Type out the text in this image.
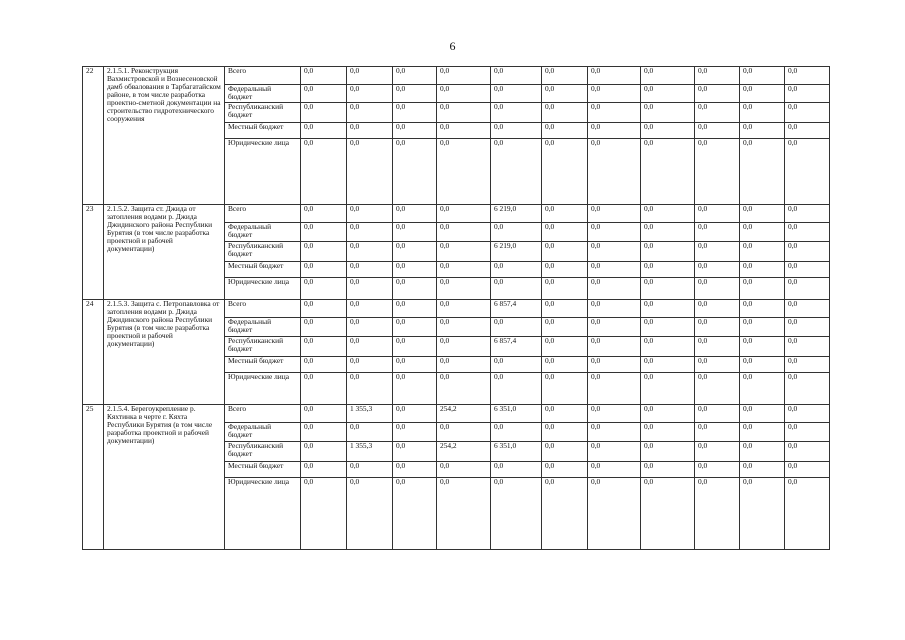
6
22	2.1.5.1. Реконструкция Вахмистровской и Вознесеновской дамб обвалования в Тарбагатайском районе, в том числе разработка проектно-сметной документации на строительство гидротехнического сооружения	Всего	0,0	0,0	0,0	0,0	0,0	0,0	0,0	0,0	0,0	0,0	0,0
		Федеральный бюджет	0,0	0,0	0,0	0,0	0,0	0,0	0,0	0,0	0,0	0,0	0,0
		Республиканский бюджет	0,0	0,0	0,0	0,0	0,0	0,0	0,0	0,0	0,0	0,0	0,0
		Местный бюджет	0,0	0,0	0,0	0,0	0,0	0,0	0,0	0,0	0,0	0,0	0,0
		Юридические лица	0,0	0,0	0,0	0,0	0,0	0,0	0,0	0,0	0,0	0,0	0,0
23	2.1.5.2. Защита ст. Джида от затопления водами р. Джида Джидинского района Республики Бурятия (в том числе разработка проектной и рабочей документации)	Всего	0,0	0,0	0,0	0,0	6 219,0	0,0	0,0	0,0	0,0	0,0	0,0
		Федеральный бюджет	0,0	0,0	0,0	0,0	0,0	0,0	0,0	0,0	0,0	0,0	0,0
		Республиканский бюджет	0,0	0,0	0,0	0,0	6 219,0	0,0	0,0	0,0	0,0	0,0	0,0
		Местный бюджет	0,0	0,0	0,0	0,0	0,0	0,0	0,0	0,0	0,0	0,0	0,0
		Юридические лица	0,0	0,0	0,0	0,0	0,0	0,0	0,0	0,0	0,0	0,0	0,0
24	2.1.5.3. Защита с. Петропавловка от затопления водами р. Джида Джидинского района Республики Бурятия (в том числе разработка проектной и рабочей документации)	Всего	0,0	0,0	0,0	0,0	6 857,4	0,0	0,0	0,0	0,0	0,0	0,0
		Федеральный бюджет	0,0	0,0	0,0	0,0	0,0	0,0	0,0	0,0	0,0	0,0	0,0
		Республиканский бюджет	0,0	0,0	0,0	0,0	6 857,4	0,0	0,0	0,0	0,0	0,0	0,0
		Местный бюджет	0,0	0,0	0,0	0,0	0,0	0,0	0,0	0,0	0,0	0,0	0,0
		Юридические лица	0,0	0,0	0,0	0,0	0,0	0,0	0,0	0,0	0,0	0,0	0,0
25	2.1.5.4. Берегоукрепление р. Кяхтинка в черте г. Кяхта Республики Бурятия (в том числе разработка проектной и рабочей документации)	Всего	0,0	1 355,3	0,0	254,2	6 351,0	0,0	0,0	0,0	0,0	0,0	0,0
		Федеральный бюджет	0,0	0,0	0,0	0,0	0,0	0,0	0,0	0,0	0,0	0,0	0,0
		Республиканский бюджет	0,0	1 355,3	0,0	254,2	6 351,0	0,0	0,0	0,0	0,0	0,0	0,0
		Местный бюджет	0,0	0,0	0,0	0,0	0,0	0,0	0,0	0,0	0,0	0,0	0,0
		Юридические лица	0,0	0,0	0,0	0,0	0,0	0,0	0,0	0,0	0,0	0,0	0,0
